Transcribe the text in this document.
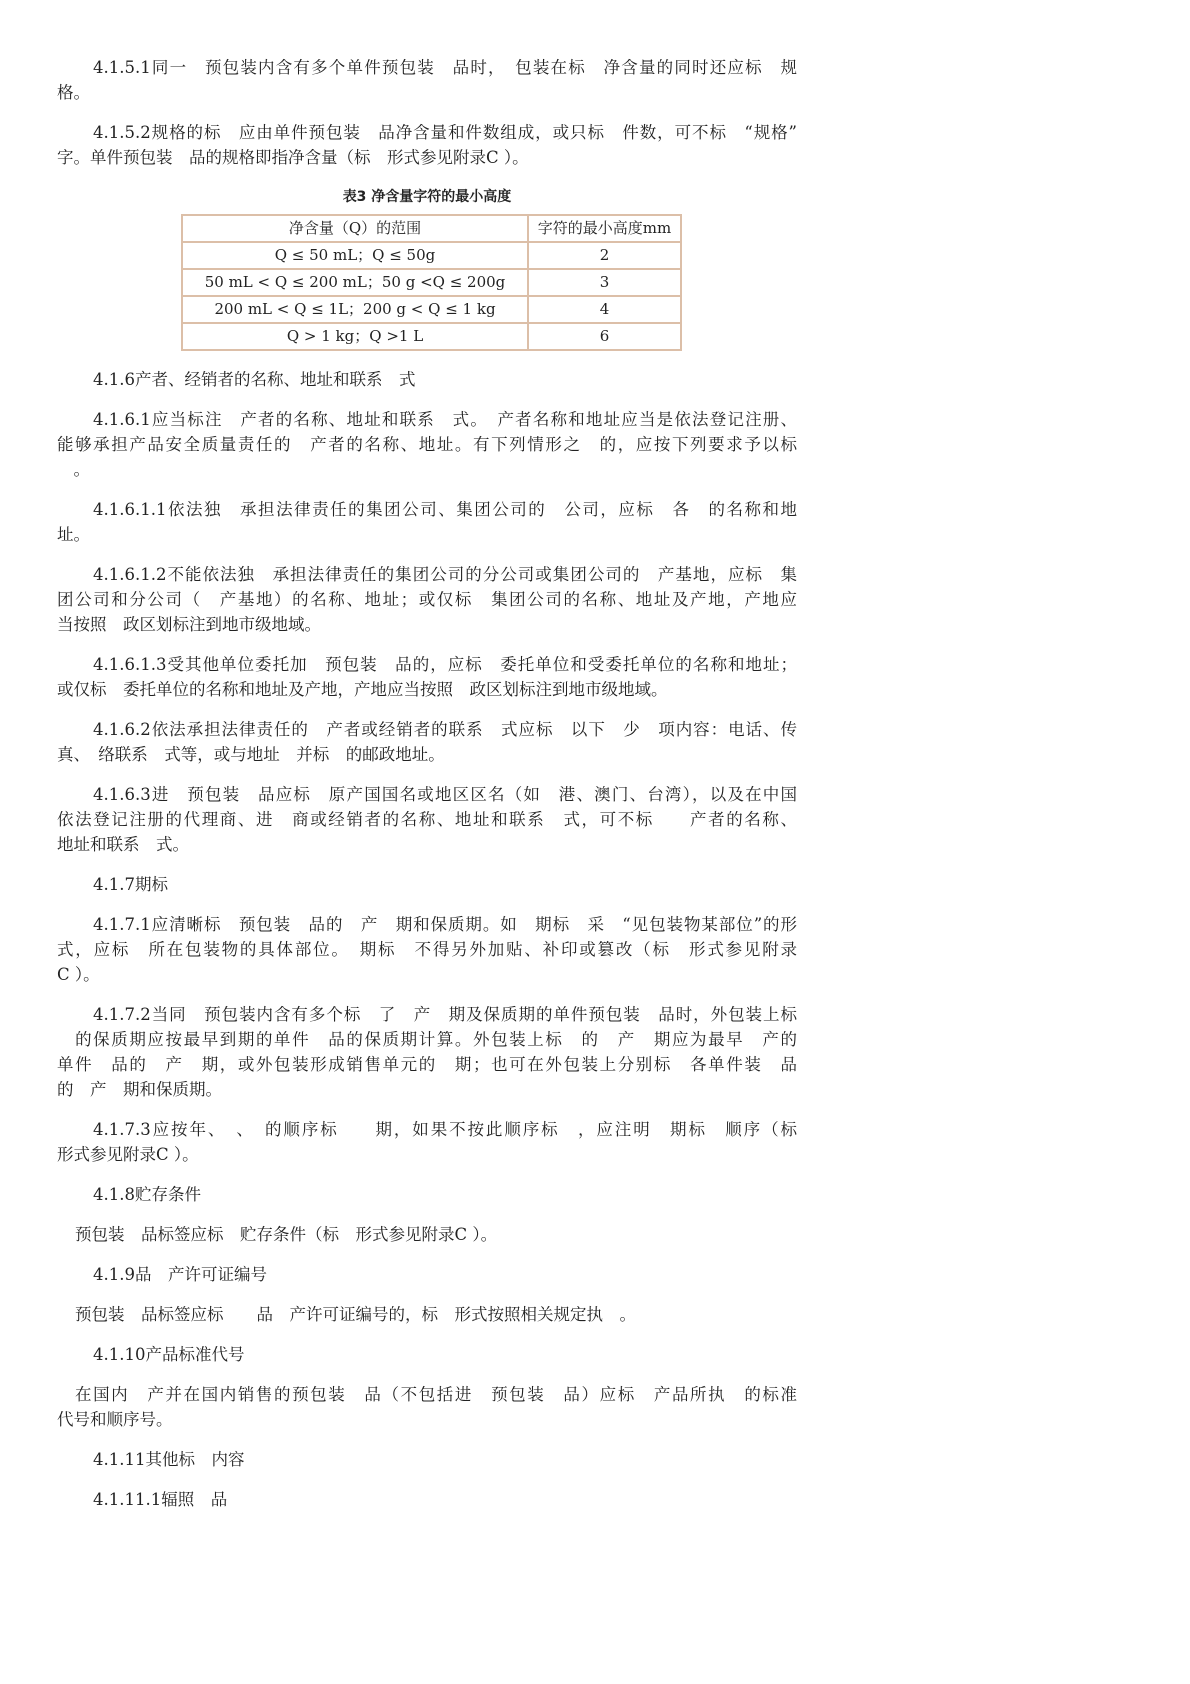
4.1.5.1同一　预包装内含有多个单件预包装　品时，　包装在标　净含量的同时还应标　规
格。
4.1.5.2规格的标　应由单件预包装　品净含量和件数组成，或只标　件数，可不标　“规格”
字。单件预包装　品的规格即指净含量（标　形式参见附录C ）。
表3 净含量字符的最小高度
净含量（Q）的范围	字符的最小高度mm
Q ≤ 50 mL；Q ≤ 50g	2
50 mL < Q ≤ 200 mL；50 g <Q ≤ 200g	3
200 mL < Q ≤ 1L；200 g < Q ≤ 1 kg	4
Q > 1 kg；Q >1 L	6
4.1.6产者、经销者的名称、地址和联系　式
4.1.6.1应当标注　产者的名称、地址和联系　式。　产者名称和地址应当是依法登记注册、
能够承担产品安全质量责任的　产者的名称、地址。有下列情形之　的，应按下列要求予以标
　。
4.1.6.1.1依法独　承担法律责任的集团公司、集团公司的　公司，应标　各　的名称和地
址。
4.1.6.1.2不能依法独　承担法律责任的集团公司的分公司或集团公司的　产基地，应标　集
团公司和分公司（　产基地）的名称、地址；或仅标　集团公司的名称、地址及产地，产地应
当按照　政区划标注到地市级地域。
4.1.6.1.3受其他单位委托加　预包装　品的，应标　委托单位和受委托单位的名称和地址；
或仅标　委托单位的名称和地址及产地，产地应当按照　政区划标注到地市级地域。
4.1.6.2依法承担法律责任的　产者或经销者的联系　式应标　以下　少　项内容：电话、传
真、　络联系　式等，或与地址　并标　的邮政地址。
4.1.6.3进　预包装　品应标　原产国国名或地区区名（如　港、澳门、台湾），以及在中国
依法登记注册的代理商、进　商或经销者的名称、地址和联系　式，可不标　　产者的名称、
地址和联系　式。
4.1.7期标
4.1.7.1应清晰标　预包装　品的　产　期和保质期。如　期标　采　“见包装物某部位”的形
式，应标　所在包装物的具体部位。　期标　不得另外加贴、补印或篡改（标　形式参见附录
C ）。
4.1.7.2当同　预包装内含有多个标　了　产　期及保质期的单件预包装　品时，外包装上标
　的保质期应按最早到期的单件　品的保质期计算。外包装上标　的　产　期应为最早　产的
单件　品的　产　期，或外包装形成销售单元的　期；也可在外包装上分别标　各单件装　品
的　产　期和保质期。
4.1.7.3应按年、　、　的顺序标　　期，如果不按此顺序标　，应注明　期标　顺序（标
形式参见附录C ）。
4.1.8贮存条件
预包装　品标签应标　贮存条件（标　形式参见附录C ）。
4.1.9品　产许可证编号
预包装　品标签应标　　品　产许可证编号的，标　形式按照相关规定执　。
4.1.10产品标准代号
在国内　产并在国内销售的预包装　品（不包括进　预包装　品）应标　产品所执　的标准
代号和顺序号。
4.1.11其他标　内容
4.1.11.1辐照　品
